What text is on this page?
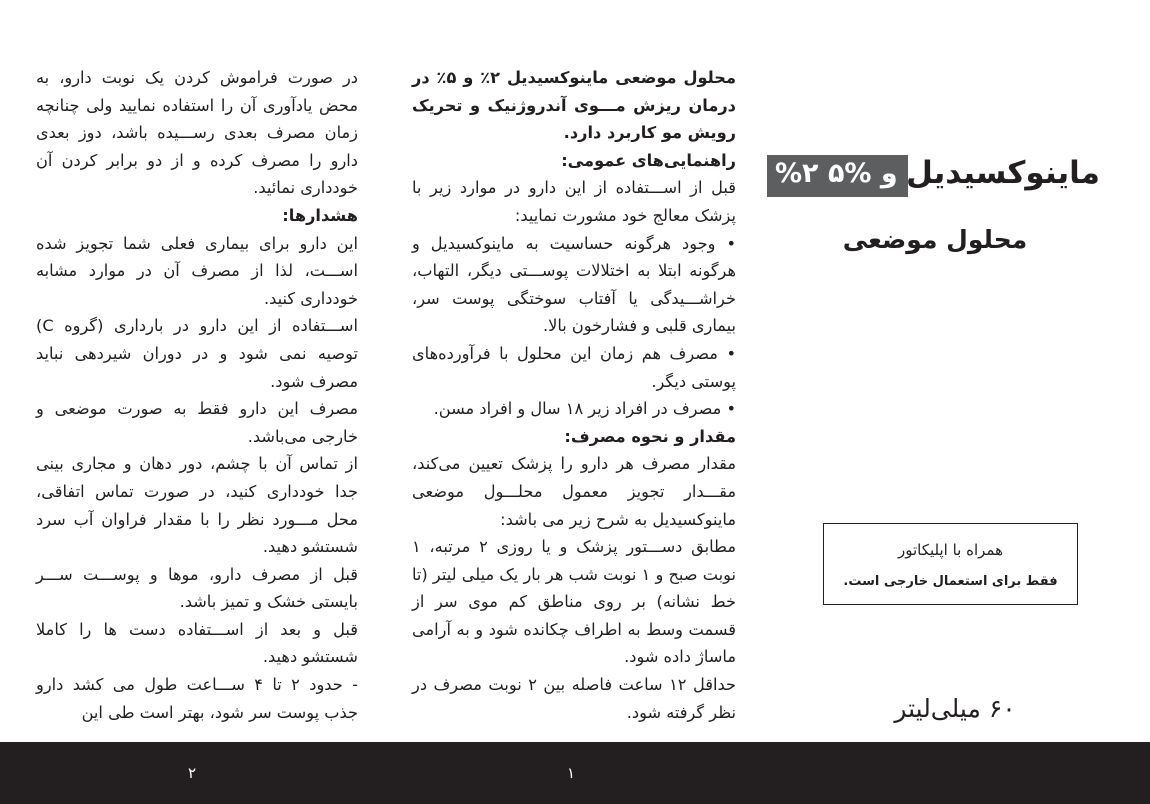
در صورت فراموش کردن یک نوبت دارو، به محض یادآوری آن را استفاده نمایید ولی چنانچه زمان مصرف بعدی رســـیده باشد، دوز بعدی دارو را مصرف کرده و از دو برابر کردن آن خودداری نمائید.

هشدارها:

این دارو برای بیماری فعلی شما تجویز شده اســـت، لذا از مصرف آن در موارد مشابه خودداری کنید.

اســـتفاده از این دارو در بارداری (گروه C) توصیه نمی شود و در دوران شیردهی نباید مصرف شود.

مصرف این دارو فقط به صورت موضعی و خارجی می‌باشد.

از تماس آن با چشم، دور دهان و مجاری بینی جدا خودداری کنید، در صورت تماس اتفاقی، محل مـــورد نظر را با مقدار فراوان آب سرد شستشو دهید.

قبل از مصرف دارو، موها و پوســـت ســـر بایستی خشک و تمیز باشد.

قبل و بعد از اســـتفاده دست ها را کاملا شستشو دهید.

- حدود ۲ تا ۴ ســـاعت طول می کشد دارو جذب پوست سر شود، بهتر است طی این

محلول موضعی ماینوکسیدیل ۲٪ و ۵٪ در درمان ریزش مـــوی آندروژنیک و تحریک رویش مو کاربرد دارد.

راهنمایی‌های عمومی:

قبل از اســـتفاده از این دارو در موارد زیر با پزشک معالج خود مشورت نمایید:

• وجود هرگونه حساسیت به ماینوکسیدیل و هرگونه ابتلا به اختلالات پوســـتی دیگر، التهاب، خراشـــیدگی یا آفتاب سوختگی پوست سر، بیماری قلبی و فشارخون بالا.

• مصرف هم زمان این محلول با فرآورده‌های پوستی دیگر.

• مصرف در افراد زیر ۱۸ سال و افراد مسن.

مقدار و نحوه مصرف:

مقدار مصرف هر دارو را پزشک تعیین می‌کند، مقـــدار تجویز معمول محلـــول موضعی ماینوکسیدیل به شرح زیر می باشد:

مطابق دســـتور پزشک و یا روزی ۲ مرتبه، ۱ نوبت صبح و ۱ نوبت شب هر بار یک میلی لیتر (تا خط نشانه) بر روی مناطق کم موی سر از قسمت وسط به اطراف چکانده شود و به آرامی ماساژ داده شود.

حداقل ۱۲ ساعت فاصله بین ۲ نوبت مصرف در نظر گرفته شود.

%۲ و %۵ ماینوکسیدیل
محلول موضعی
همراه با اپلیکاتور
فقط برای استعمال خارجی است.
۶۰ میلی‌لیتر
۲	۱
